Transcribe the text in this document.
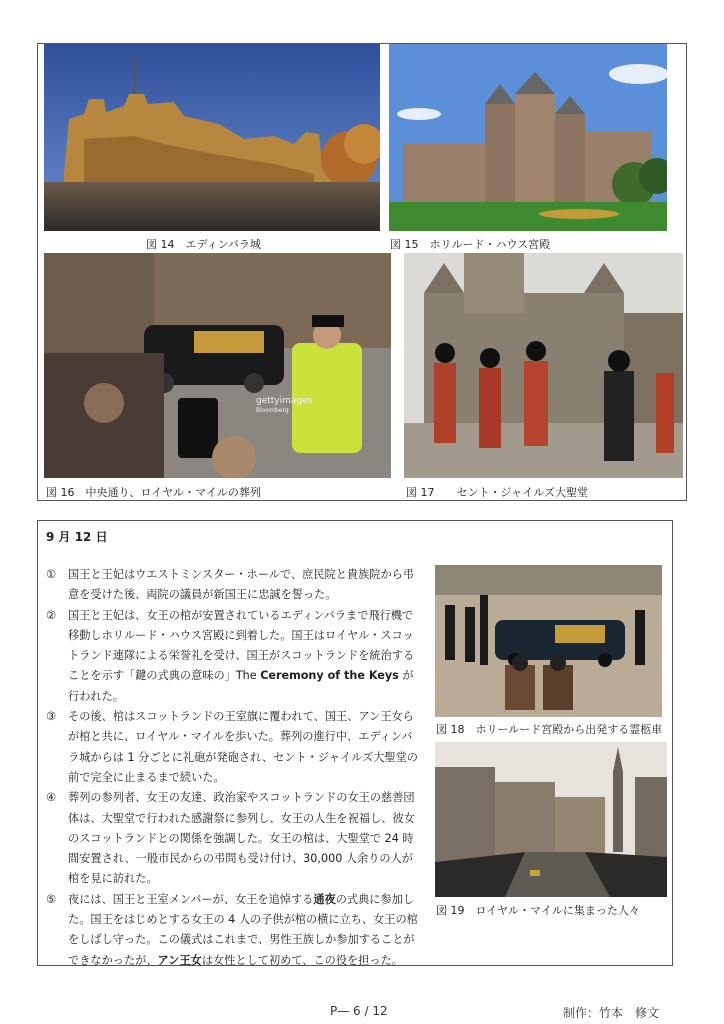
図 14　エディンバラ城	図 15　ホリルード・ハウス宮殿
gettyimages
Bloomberg
図 16　中央通り、ロイヤル・マイルの葬列	図 17　　セント・ジャイルズ大聖堂
9 月 12 日
①	国王と王妃はウエストミンスター・ホールで、庶民院と貴族院から弔意を受けた後、両院の議員が新国王に忠誠を誓った。
②	国王と王妃は、女王の棺が安置されているエディンバラまで飛行機で移動しホリルード・ハウス宮殿に到着した。国王はロイヤル・スコットランド連隊による栄誉礼を受け、国王がスコットランドを統治することを示す「鍵の式典の意味の」The Ceremony of the Keys が行われた。
③	その後、棺はスコットランドの王室旗に覆われて、国王、アン王女らが棺と共に、ロイヤル・マイルを歩いた。葬列の進行中、エディンバラ城からは 1 分ごとに礼砲が発砲され、セント・ジャイルズ大聖堂の前で完全に止まるまで続いた。
④	葬列の参列者、女王の友達、政治家やスコットランドの女王の慈善団体は、大聖堂で行われた感謝祭に参列し、女王の人生を祝福し、彼女のスコットランドとの関係を強調した。女王の棺は、大聖堂で 24 時間安置され、一般市民からの弔問も受け付け、30,000 人余りの人が棺を見に訪れた。
⑤	夜には、国王と王室メンバーが、女王を追悼する通夜の式典に参加した。国王をはじめとする女王の 4 人の子供が棺の横に立ち、女王の棺をしばし守った。この儀式はこれまで、男性王族しか参加することができなかったが、アン王女は女性として初めて、この役を担った。
図 18　ホリールード宮殿から出発する霊柩車
図 19　ロイヤル・マイルに集まった人々
P― 6 / 12	制作：竹本　修文
